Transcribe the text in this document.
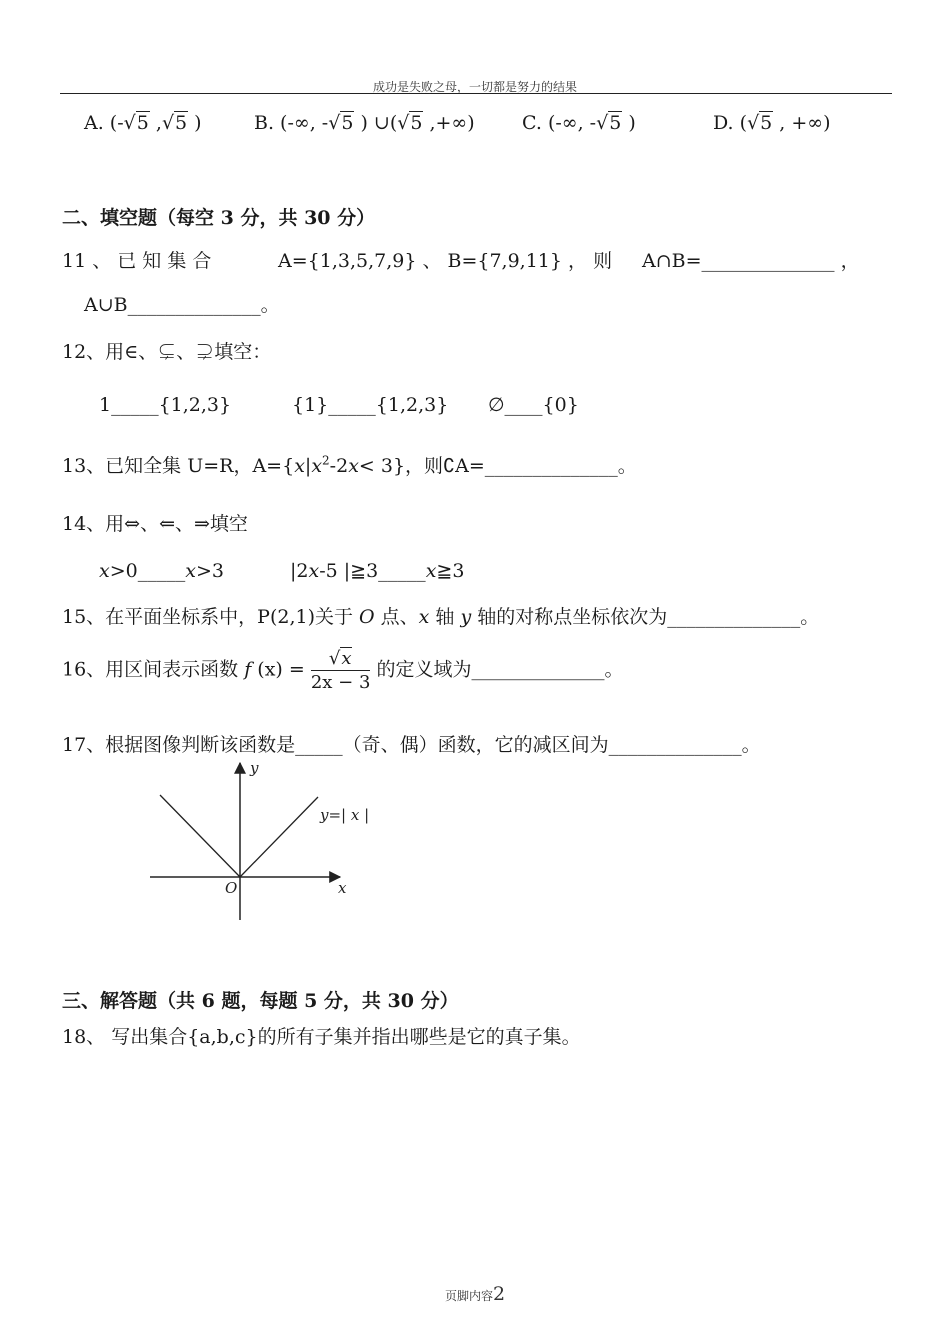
成功是失败之母，一切都是努力的结果
A. (-√5 ,√5 )	B. (-∞, -√5 ) ∪(√5 ,+∞) C. (-∞, -√5 )	D. (√5 , +∞)
二、填空题（每空 3 分，共 30 分）
11 、 已 知 集 合	A={1,3,5,7,9} 、 B={7,9,11} ， 则 A∩B=______________ ，
A∪B______________。
12、用∈、⊊、⊋填空：
1_____{1,2,3}	{1}_____{1,2,3} ∅____{0}
13、已知全集 U=R，$A=\{x|x^2-2x< 3\}$，则∁A=______________。
14、用⇔、⇐、⇒填空
x>0_____x>3	|2x-5 |≧3_____x≧3
15、在平面坐标系中，P(2,1)关于 O 点、x 轴 y 轴的对称点坐标依次为______________。
16、用区间表示函数 f $(x) = \frac{√x}{2x - 3}$ 的定义域为______________。
17、根据图像判断该函数是_____（奇、偶）函数，它的减区间为______________。
y
x
O
y=| x |
三、解答题（共 6 题，每题 5 分，共 30 分）
18、 写出集合{a,b,c}的所有子集并指出哪些是它的真子集。
页脚内容2
